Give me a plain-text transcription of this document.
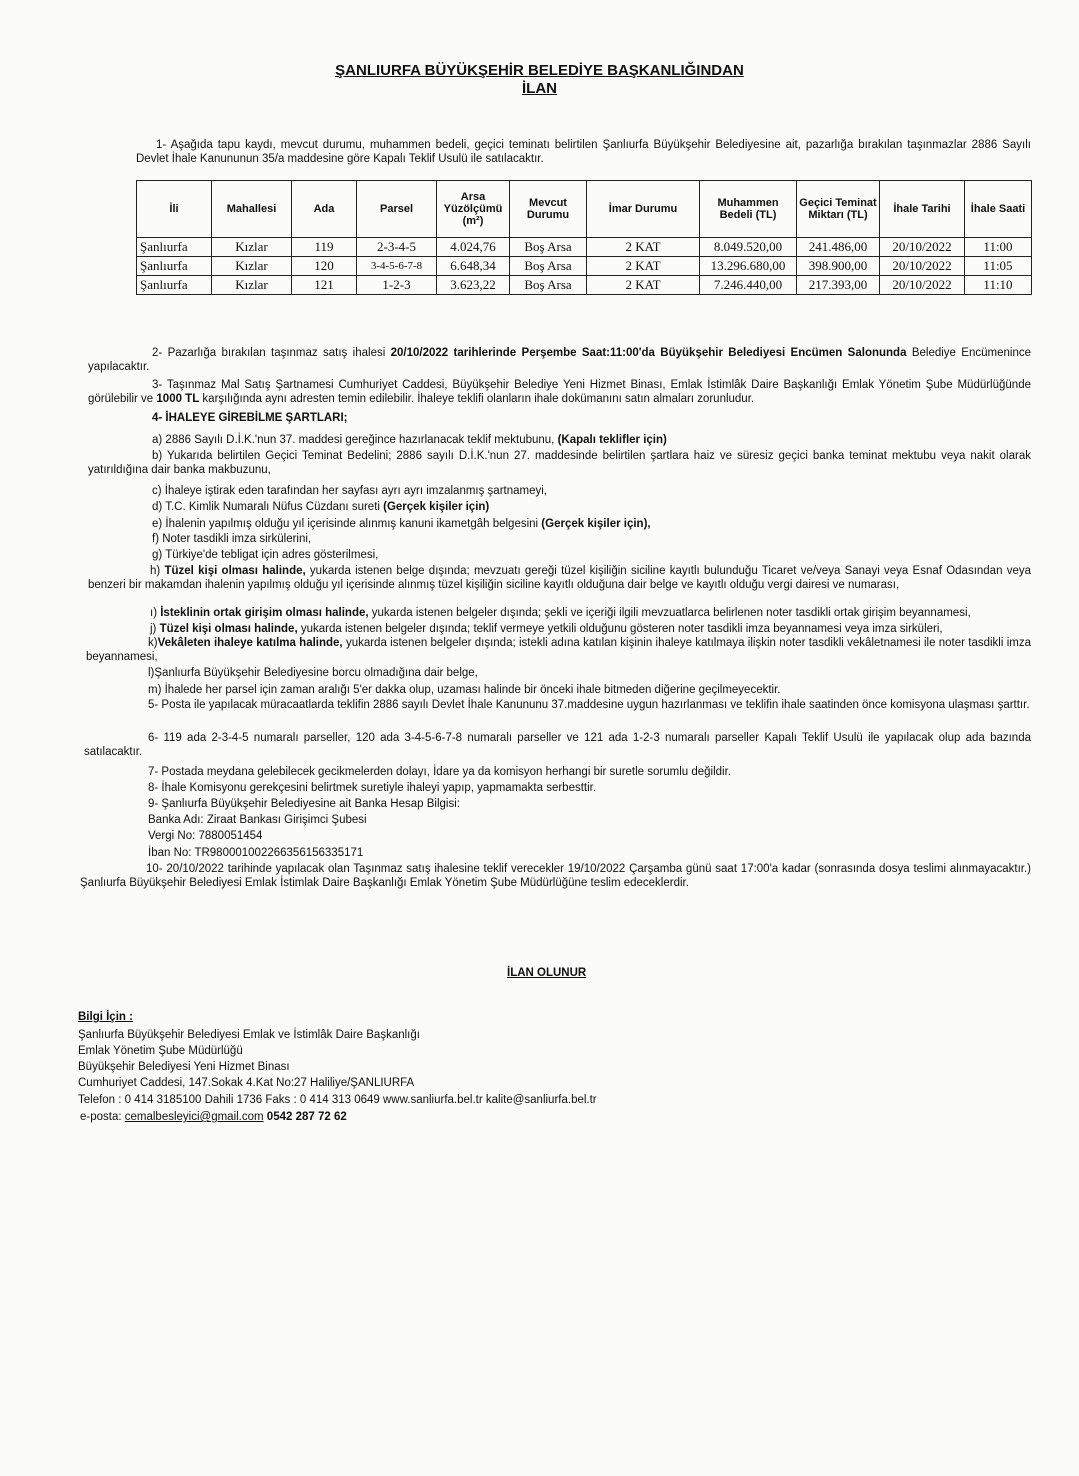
ŞANLIURFA BÜYÜKŞEHİR BELEDİYE BAŞKANLIĞINDAN
İLAN
1- Aşağıda tapu kaydı, mevcut durumu, muhammen bedeli, geçici teminatı belirtilen Şanlıurfa Büyükşehir Belediyesine ait, pazarlığa bırakılan taşınmazlar 2886 Sayılı Devlet İhale Kanununun 35/a maddesine göre Kapalı Teklif Usulü ile satılacaktır.
İli	Mahallesi	Ada	Parsel	Arsa Yüzölçümü (m²)	Mevcut Durumu	İmar Durumu	Muhammen Bedeli (TL)	Geçici Teminat Miktarı (TL)	İhale Tarihi	İhale Saati
Şanlıurfa	Kızlar	119	2-3-4-5	4.024,76	Boş Arsa	2 KAT	8.049.520,00	241.486,00	20/10/2022	11:00
Şanlıurfa	Kızlar	120	3-4-5-6-7-8	6.648,34	Boş Arsa	2 KAT	13.296.680,00	398.900,00	20/10/2022	11:05
Şanlıurfa	Kızlar	121	1-2-3	3.623,22	Boş Arsa	2 KAT	7.246.440,00	217.393,00	20/10/2022	11:10
2- Pazarlığa bırakılan taşınmaz satış ihalesi 20/10/2022 tarihlerinde Perşembe Saat:11:00'da Büyükşehir Belediyesi Encümen Salonunda Belediye Encümenince yapılacaktır.
3- Taşınmaz Mal Satış Şartnamesi Cumhuriyet Caddesi, Büyükşehir Belediye Yeni Hizmet Binası, Emlak İstimlâk Daire Başkanlığı Emlak Yönetim Şube Müdürlüğünde görülebilir ve 1000 TL karşılığında aynı adresten temin edilebilir. İhaleye teklifi olanların ihale dokümanını satın almaları zorunludur.
4- İHALEYE GİREBİLME ŞARTLARI;
a) 2886 Sayılı D.İ.K.'nun 37. maddesi gereğince hazırlanacak teklif mektubunu, (Kapalı teklifler için)
b) Yukarıda belirtilen Geçici Teminat Bedelini; 2886 sayılı D.İ.K.'nun 27. maddesinde belirtilen şartlara haiz ve süresiz geçici banka teminat mektubu veya nakit olarak yatırıldığına dair banka makbuzunu,
c) İhaleye iştirak eden tarafından her sayfası ayrı ayrı imzalanmış şartnameyi,
d) T.C. Kimlik Numaralı Nüfus Cüzdanı sureti (Gerçek kişiler için)
e) İhalenin yapılmış olduğu yıl içerisinde alınmış kanuni ikametgâh belgesini (Gerçek kişiler için),
f) Noter tasdikli imza sirkülerini,
g) Türkiye'de tebligat için adres gösterilmesi,
h) Tüzel kişi olması halinde, yukarda istenen belge dışında; mevzuatı gereği tüzel kişiliğin siciline kayıtlı bulunduğu Ticaret ve/veya Sanayi veya Esnaf Odasından veya benzeri bir makamdan ihalenin yapılmış olduğu yıl içerisinde alınmış tüzel kişiliğin siciline kayıtlı olduğuna dair belge ve kayıtlı olduğu vergi dairesi ve numarası,
ı) İsteklinin ortak girişim olması halinde, yukarda istenen belgeler dışında; şekli ve içeriği ilgili mevzuatlarca belirlenen noter tasdikli ortak girişim beyannamesi,
j) Tüzel kişi olması halinde, yukarda istenen belgeler dışında; teklif vermeye yetkili olduğunu gösteren noter tasdikli imza beyannamesi veya imza sirküleri,
k)Vekâleten ihaleye katılma halinde, yukarda istenen belgeler dışında; istekli adına katılan kişinin ihaleye katılmaya ilişkin noter tasdikli vekâletnamesi ile noter tasdikli imza beyannamesi,
l)Şanlıurfa Büyükşehir Belediyesine borcu olmadığına dair belge,
m) İhalede her parsel için zaman aralığı 5'er dakka olup, uzaması halinde bir önceki ihale bitmeden diğerine geçilmeyecektir.
5- Posta ile yapılacak müracaatlarda teklifin 2886 sayılı Devlet İhale Kanununu 37.maddesine uygun hazırlanması ve teklifin ihale saatinden önce komisyona ulaşması şarttır.
6- 119 ada 2-3-4-5 numaralı parseller, 120 ada 3-4-5-6-7-8 numaralı parseller ve 121 ada 1-2-3 numaralı parseller Kapalı Teklif Usulü ile yapılacak olup ada bazında satılacaktır.
7- Postada meydana gelebilecek gecikmelerden dolayı, İdare ya da komisyon herhangi bir suretle sorumlu değildir.
8- İhale Komisyonu gerekçesini belirtmek suretiyle ihaleyi yapıp, yapmamakta serbesttir.
9- Şanlıurfa Büyükşehir Belediyesine ait Banka Hesap Bilgisi:
Banka Adı: Ziraat Bankası Girişimci Şubesi
Vergi No: 7880051454
İban No: TR980001002266356156335171
10- 20/10/2022 tarihinde yapılacak olan Taşınmaz satış ihalesine teklif verecekler 19/10/2022 Çarşamba günü saat 17:00'a kadar (sonrasında dosya teslimi alınmayacaktır.) Şanlıurfa Büyükşehir Belediyesi Emlak İstimlak Daire Başkanlığı Emlak Yönetim Şube Müdürlüğüne teslim edeceklerdir.
İLAN OLUNUR
Bilgi İçin :
Şanlıurfa Büyükşehir Belediyesi Emlak ve İstimlâk Daire Başkanlığı
Emlak Yönetim Şube Müdürlüğü
Büyükşehir Belediyesi Yeni Hizmet Binası
Cumhuriyet Caddesi, 147.Sokak 4.Kat No:27 Haliliye/ŞANLIURFA
Telefon : 0 414 3185100 Dahili 1736 Faks : 0 414 313 0649 www.sanliurfa.bel.tr kalite@sanliurfa.bel.tr
e-posta: cemalbesleyici@gmail.com 0542 287 72 62
